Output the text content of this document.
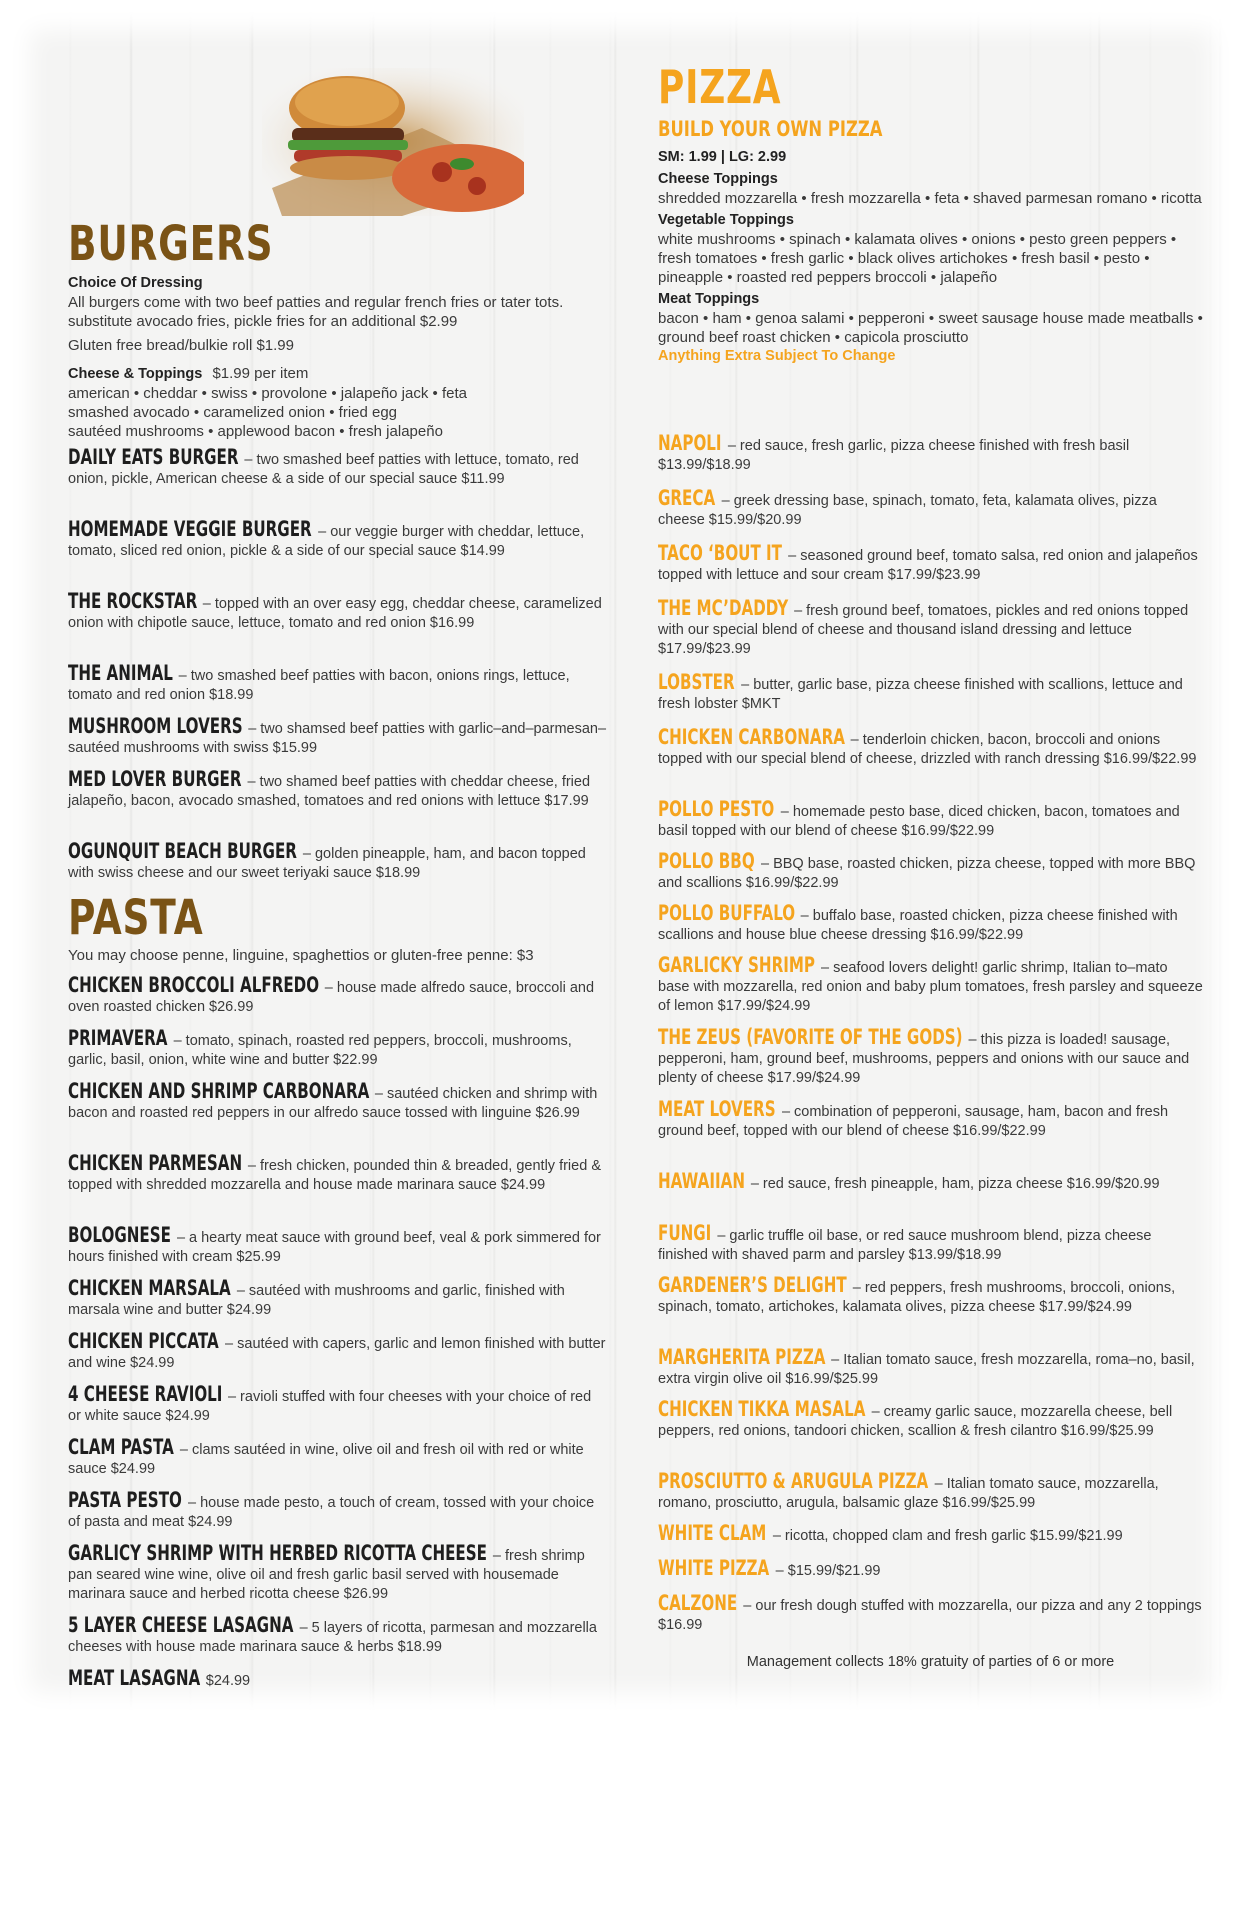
BURGERS
Choice Of Dressing
All burgers come with two beef patties and regular french fries or tater tots. substitute avocado fries, pickle fries for an additional $2.99
Gluten free bread/bulkie roll $1.99
Cheese & Toppings $1.99 per item
american • cheddar • swiss • provolone • jalapeño jack • feta
smashed avocado • caramelized onion • fried egg
sautéed mushrooms • applewood bacon • fresh jalapeño
DAILY EATS BURGER – two smashed beef patties with lettuce, tomato, red onion, pickle, American cheese & a side of our special sauce $11.99
HOMEMADE VEGGIE BURGER – our veggie burger with cheddar, lettuce, tomato, sliced red onion, pickle & a side of our special sauce $14.99
THE ROCKSTAR – topped with an over easy egg, cheddar cheese, caramelized onion with chipotle sauce, lettuce, tomato and red onion $16.99
THE ANIMAL – two smashed beef patties with bacon, onions rings, lettuce, tomato and red onion $18.99
MUSHROOM LOVERS – two shamsed beef patties with garlic–and–parmesan–sautéed mushrooms with swiss $15.99
MED LOVER BURGER – two shamed beef patties with cheddar cheese, fried jalapeño, bacon, avocado smashed, tomatoes and red onions with lettuce $17.99
OGUNQUIT BEACH BURGER – golden pineapple, ham, and bacon topped with swiss cheese and our sweet teriyaki sauce $18.99
PASTA
You may choose penne, linguine, spaghettios or gluten-free penne: $3
CHICKEN BROCCOLI ALFREDO – house made alfredo sauce, broccoli and oven roasted chicken $26.99
PRIMAVERA – tomato, spinach, roasted red peppers, broccoli, mushrooms, garlic, basil, onion, white wine and butter $22.99
CHICKEN AND SHRIMP CARBONARA – sautéed chicken and shrimp with bacon and roasted red peppers in our alfredo sauce tossed with linguine $26.99
CHICKEN PARMESAN – fresh chicken, pounded thin & breaded, gently fried & topped with shredded mozzarella and house made marinara sauce $24.99
BOLOGNESE – a hearty meat sauce with ground beef, veal & pork simmered for hours finished with cream $25.99
CHICKEN MARSALA – sautéed with mushrooms and garlic, finished with marsala wine and butter $24.99
CHICKEN PICCATA – sautéed with capers, garlic and lemon finished with butter and wine $24.99
4 CHEESE RAVIOLI – ravioli stuffed with four cheeses with your choice of red or white sauce $24.99
CLAM PASTA – clams sautéed in wine, olive oil and fresh oil with red or white sauce $24.99
PASTA PESTO – house made pesto, a touch of cream, tossed with your choice of pasta and meat $24.99
GARLICY SHRIMP WITH HERBED RICOTTA CHEESE – fresh shrimp pan seared wine wine, olive oil and fresh garlic basil served with housemade marinara sauce and herbed ricotta cheese $26.99
5 LAYER CHEESE LASAGNA – 5 layers of ricotta, parmesan and mozzarella cheeses with house made marinara sauce & herbs $18.99
MEAT LASAGNA $24.99
PIZZA
BUILD YOUR OWN PIZZA
SM: 1.99 | LG: 2.99
Cheese Toppings
shredded mozzarella • fresh mozzarella • feta • shaved parmesan romano • ricotta
Vegetable Toppings
white mushrooms • spinach • kalamata olives • onions • pesto green peppers • fresh tomatoes • fresh garlic • black olives artichokes • fresh basil • pesto • pineapple • roasted red peppers broccoli • jalapeño
Meat Toppings
bacon • ham • genoa salami • pepperoni • sweet sausage house made meatballs • ground beef roast chicken • capicola prosciutto
Anything Extra Subject To Change
NAPOLI – red sauce, fresh garlic, pizza cheese finished with fresh basil $13.99/$18.99
GRECA – greek dressing base, spinach, tomato, feta, kalamata olives, pizza cheese $15.99/$20.99
TACO ‘BOUT IT – seasoned ground beef, tomato salsa, red onion and jalapeños topped with lettuce and sour cream $17.99/$23.99
THE MC’DADDY – fresh ground beef, tomatoes, pickles and red onions topped with our special blend of cheese and thousand island dressing and lettuce $17.99/$23.99
LOBSTER – butter, garlic base, pizza cheese finished with scallions, lettuce and fresh lobster $MKT
CHICKEN CARBONARA – tenderloin chicken, bacon, broccoli and onions topped with our special blend of cheese, drizzled with ranch dressing $16.99/$22.99
POLLO PESTO – homemade pesto base, diced chicken, bacon, tomatoes and basil topped with our blend of cheese $16.99/$22.99
POLLO BBQ – BBQ base, roasted chicken, pizza cheese, topped with more BBQ and scallions $16.99/$22.99
POLLO BUFFALO – buffalo base, roasted chicken, pizza cheese finished with scallions and house blue cheese dressing $16.99/$22.99
GARLICKY SHRIMP – seafood lovers delight! garlic shrimp, Italian to–mato base with mozzarella, red onion and baby plum tomatoes, fresh parsley and squeeze of lemon $17.99/$24.99
THE ZEUS (FAVORITE OF THE GODS) – this pizza is loaded! sausage, pepperoni, ham, ground beef, mushrooms, peppers and onions with our sauce and plenty of cheese $17.99/$24.99
MEAT LOVERS – combination of pepperoni, sausage, ham, bacon and fresh ground beef, topped with our blend of cheese $16.99/$22.99
HAWAIIAN – red sauce, fresh pineapple, ham, pizza cheese $16.99/$20.99
FUNGI – garlic truffle oil base, or red sauce mushroom blend, pizza cheese finished with shaved parm and parsley $13.99/$18.99
GARDENER’S DELIGHT – red peppers, fresh mushrooms, broccoli, onions, spinach, tomato, artichokes, kalamata olives, pizza cheese $17.99/$24.99
MARGHERITA PIZZA – Italian tomato sauce, fresh mozzarella, roma–no, basil, extra virgin olive oil $16.99/$25.99
CHICKEN TIKKA MASALA – creamy garlic sauce, mozzarella cheese, bell peppers, red onions, tandoori chicken, scallion & fresh cilantro $16.99/$25.99
PROSCIUTTO & ARUGULA PIZZA – Italian tomato sauce, mozzarella, romano, prosciutto, arugula, balsamic glaze $16.99/$25.99
WHITE CLAM – ricotta, chopped clam and fresh garlic $15.99/$21.99
WHITE PIZZA – $15.99/$21.99
CALZONE – our fresh dough stuffed with mozzarella, our pizza and any 2 toppings $16.99
Management collects 18% gratuity of parties of 6 or more
